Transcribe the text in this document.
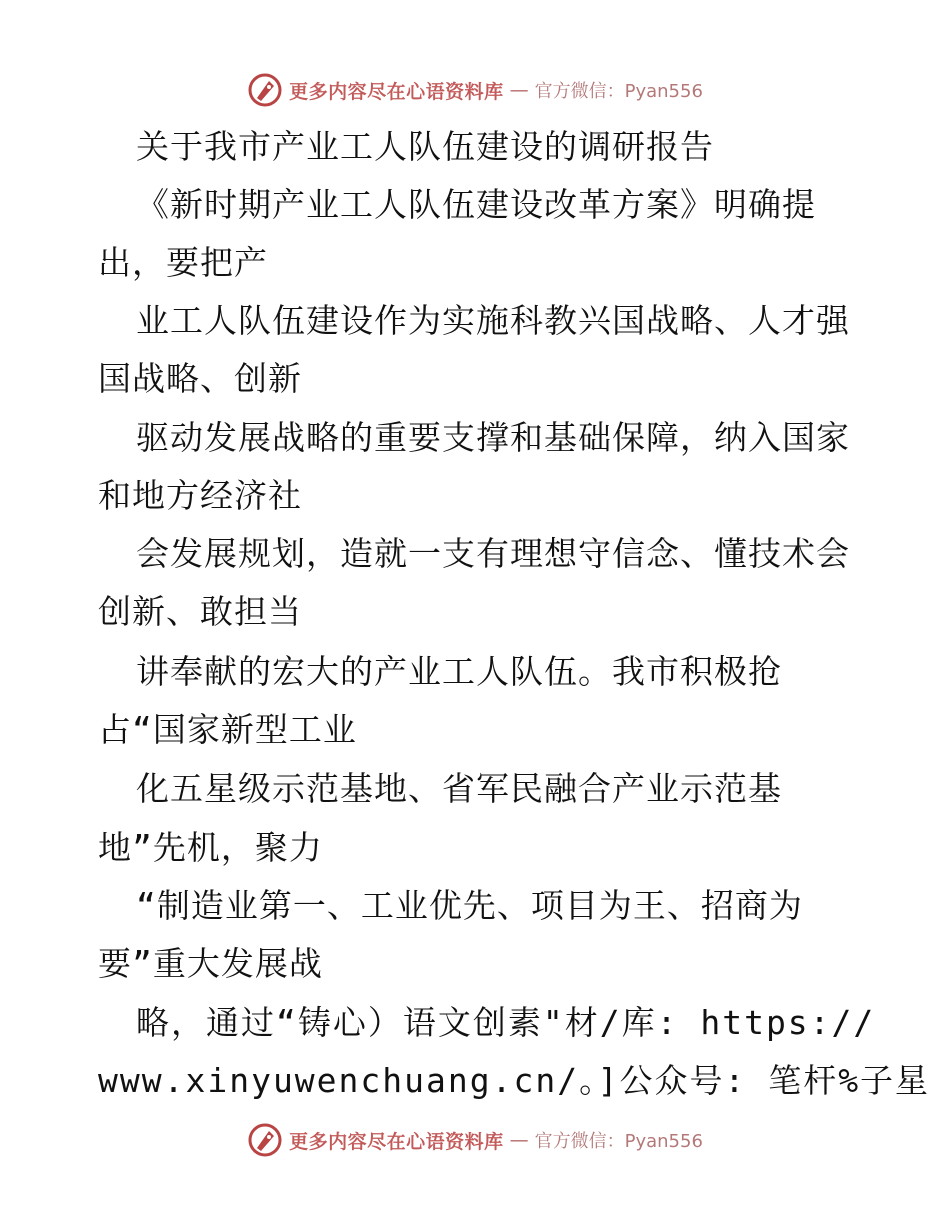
更多内容尽在心语资料库 — 官方微信：Pyan556
关于我市产业工人队伍建设的调研报告
《新时期产业工人队伍建设改革方案》明确提
出，要把产
业工人队伍建设作为实施科教兴国战略、人才强
国战略、创新
驱动发展战略的重要支撑和基础保障，纳入国家
和地方经济社
会发展规划，造就一支有理想守信念、懂技术会
创新、敢担当
讲奉献的宏大的产业工人队伍。我市积极抢
占“国家新型工业
化五星级示范基地、省军民融合产业示范基
地”先机，聚力
“制造业第一、工业优先、项目为王、招商为
要”重大发展战
略，通过“铸心）语文创素"材/库: https://
www.xinyuwenchuang.cn/。]公众号: 笔杆%子星
更多内容尽在心语资料库 — 官方微信：Pyan556
